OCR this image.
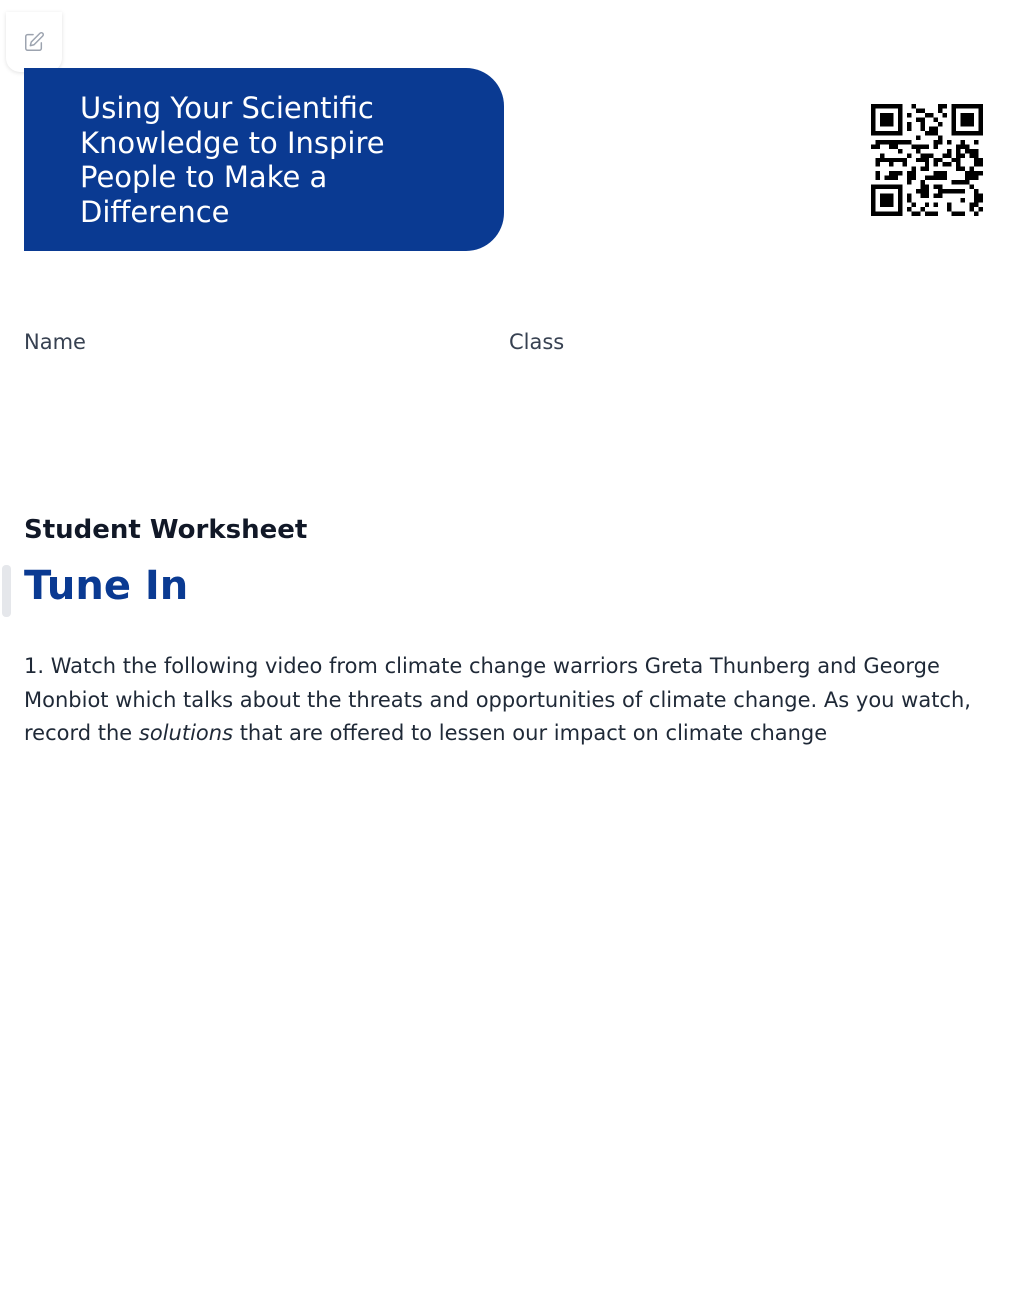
Using Your Scientific Knowledge to Inspire People to Make a Difference

Name	Class

Student Worksheet
Tune In

1. Watch the following video from climate change warriors Greta Thunberg and George Monbiot which talks about the threats and opportunities of climate change. As you watch, record the solutions that are offered to lessen our impact on climate change
